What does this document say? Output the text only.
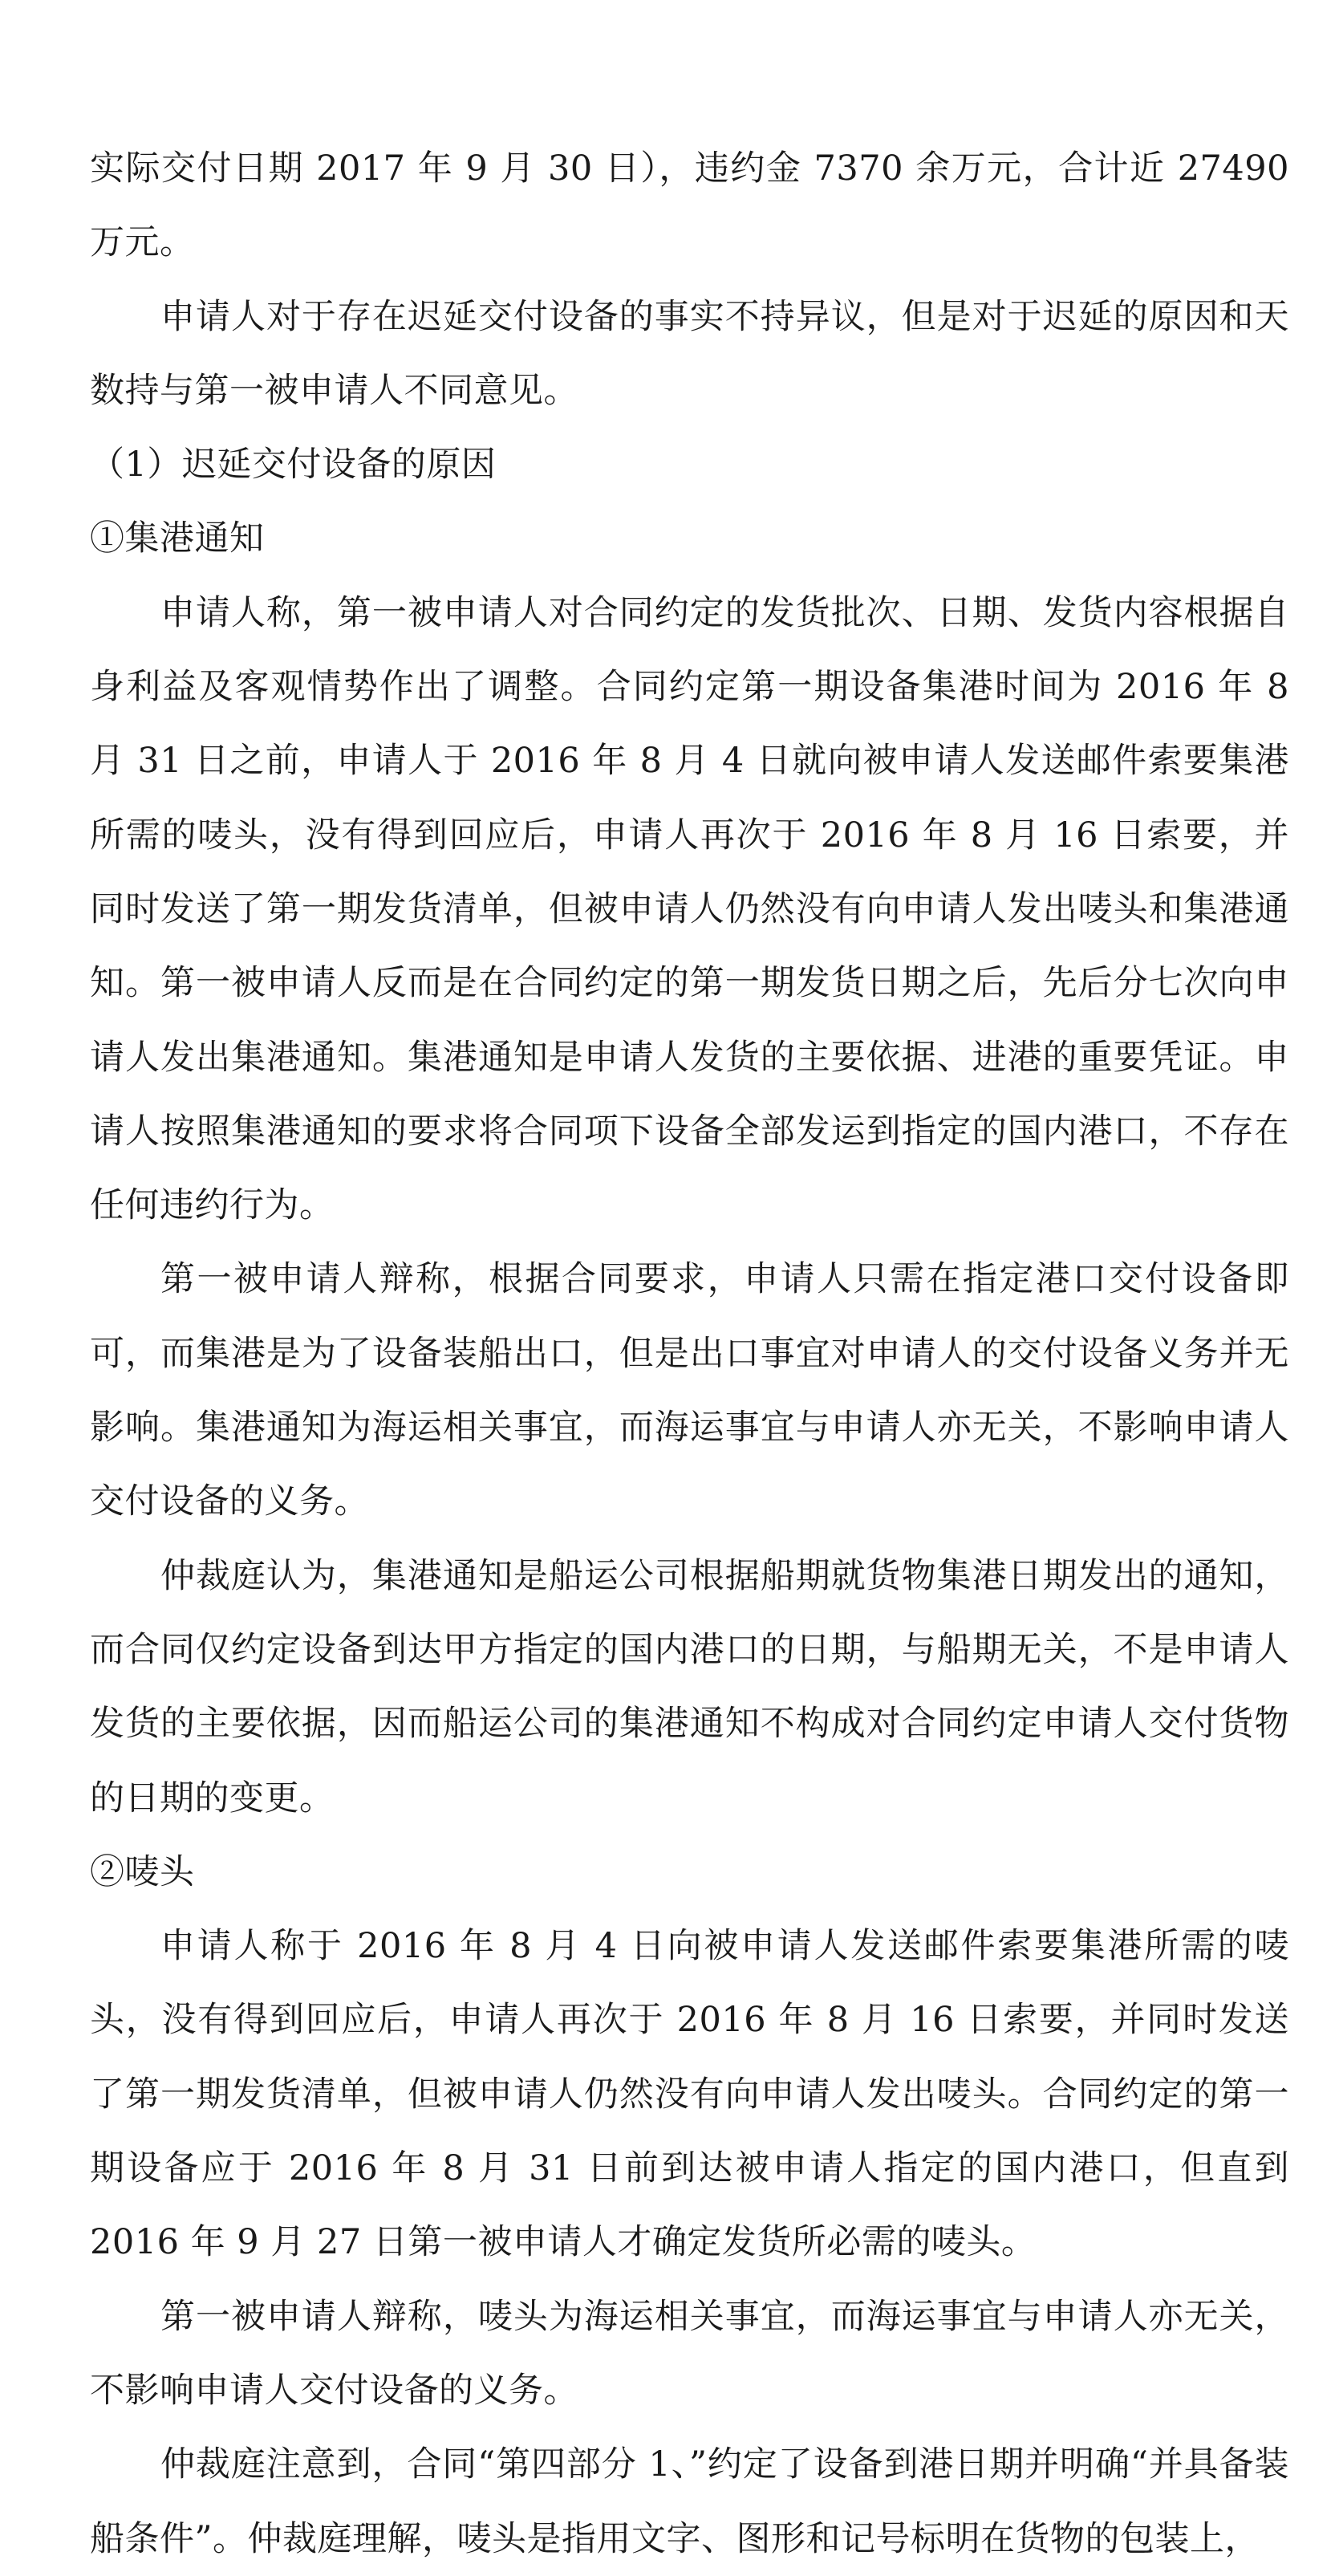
实际交付日期 2017 年 9 月 30 日），违约金 7370 余万元，合计近 27490 万元。

申请人对于存在迟延交付设备的事实不持异议，但是对于迟延的原因和天数持与第一被申请人不同意见。

（1）迟延交付设备的原因

①集港通知

申请人称，第一被申请人对合同约定的发货批次、日期、发货内容根据自身利益及客观情势作出了调整。合同约定第一期设备集港时间为 2016 年 8 月 31 日之前，申请人于 2016 年 8 月 4 日就向被申请人发送邮件索要集港所需的唛头，没有得到回应后，申请人再次于 2016 年 8 月 16 日索要，并同时发送了第一期发货清单，但被申请人仍然没有向申请人发出唛头和集港通知。第一被申请人反而是在合同约定的第一期发货日期之后，先后分七次向申请人发出集港通知。集港通知是申请人发货的主要依据、进港的重要凭证。申请人按照集港通知的要求将合同项下设备全部发运到指定的国内港口，不存在任何违约行为。

第一被申请人辩称，根据合同要求，申请人只需在指定港口交付设备即可，而集港是为了设备装船出口，但是出口事宜对申请人的交付设备义务并无影响。集港通知为海运相关事宜，而海运事宜与申请人亦无关，不影响申请人交付设备的义务。

仲裁庭认为，集港通知是船运公司根据船期就货物集港日期发出的通知，而合同仅约定设备到达甲方指定的国内港口的日期，与船期无关，不是申请人发货的主要依据，因而船运公司的集港通知不构成对合同约定申请人交付货物的日期的变更。

②唛头

申请人称于 2016 年 8 月 4 日向被申请人发送邮件索要集港所需的唛头，没有得到回应后，申请人再次于 2016 年 8 月 16 日索要，并同时发送了第一期发货清单，但被申请人仍然没有向申请人发出唛头。合同约定的第一期设备应于 2016 年 8 月 31 日前到达被申请人指定的国内港口，但直到 2016 年 9 月 27 日第一被申请人才确定发货所必需的唛头。

第一被申请人辩称，唛头为海运相关事宜，而海运事宜与申请人亦无关，不影响申请人交付设备的义务。

仲裁庭注意到，合同“第四部分 1、”约定了设备到港日期并明确“并具备装船条件”。仲裁庭理解，唛头是指用文字、图形和记号标明在货物的包装上，
